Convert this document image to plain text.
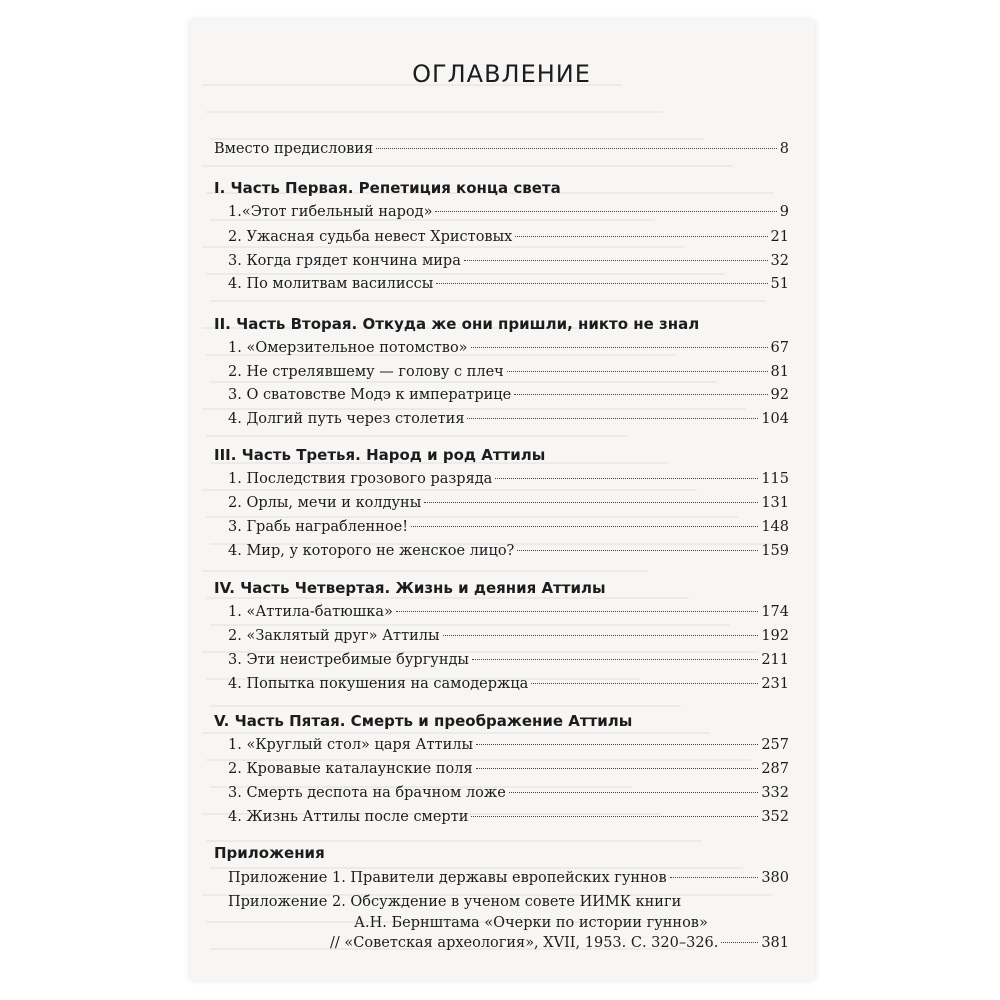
ОГЛАВЛЕНИЕ
Вместо предисловия	8
I. Часть Первая. Репетиция конца света
1.«Этот гибельный народ»	9
2. Ужасная судьба невест Христовых	21
3. Когда грядет кончина мира	32
4. По молитвам василиссы	51
II. Часть Вторая. Откуда же они пришли, никто не знал
1. «Омерзительное потомство»	67
2. Не стрелявшему — голову с плеч	81
3. О сватовстве Модэ к императрице	92
4. Долгий путь через столетия	104
III. Часть Третья. Народ и род Аттилы
1. Последствия грозового разряда	115
2. Орлы, мечи и колдуны	131
3. Грабь награбленное!	148
4. Мир, у которого не женское лицо?	159
IV. Часть Четвертая. Жизнь и деяния Аттилы
1. «Аттила-батюшка»	174
2. «Заклятый друг» Аттилы	192
3. Эти неистребимые бургунды	211
4. Попытка покушения на самодержца	231
V. Часть Пятая. Смерть и преображение Аттилы
1. «Круглый стол» царя Аттилы	257
2. Кровавые каталаунские поля	287
3. Смерть деспота на брачном ложе	332
4. Жизнь Аттилы после смерти	352
Приложения
Приложение 1. Правители державы европейских гуннов	380
Приложение 2. Обсуждение в ученом совете ИИМК книги
А.Н. Бернштама «Очерки по истории гуннов»
// «Советская археология», XVII, 1953. С. 320–326.	381
